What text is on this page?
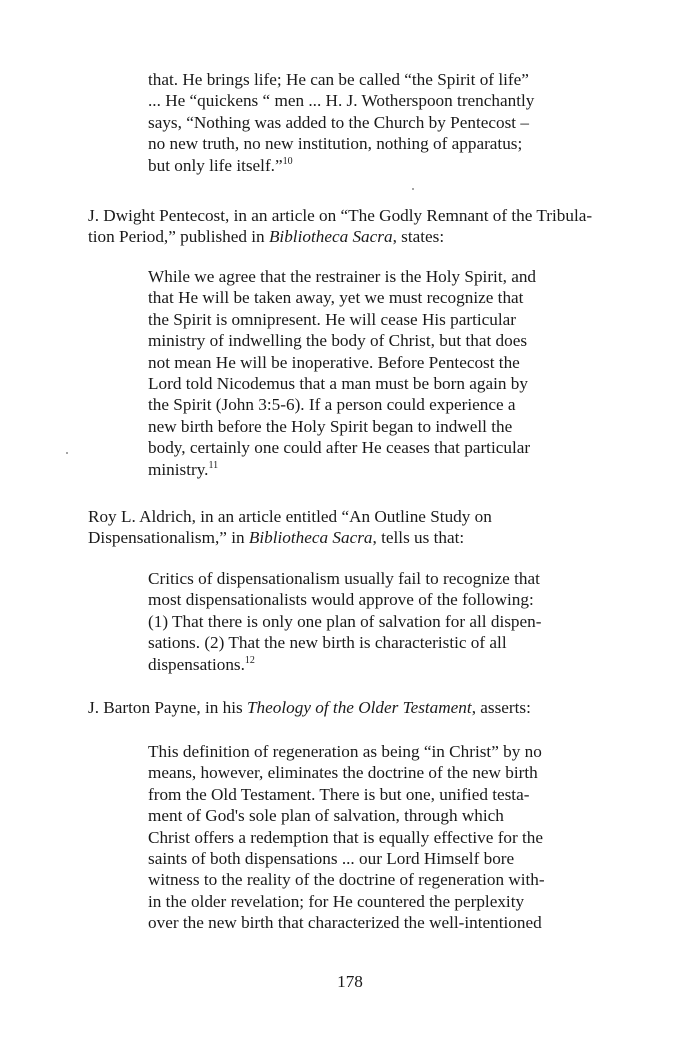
that. He brings life; He can be called “the Spirit of life”
... He “quickens “ men ... H. J. Wotherspoon trenchantly
says, “Nothing was added to the Church by Pentecost –
no new truth, no new institution, nothing of apparatus;
but only life itself.”$^{10}$
J. Dwight Pentecost, in an article on “The Godly Remnant of the Tribula-
tion Period,” published in Bibliotheca Sacra, states:
While we agree that the restrainer is the Holy Spirit, and
that He will be taken away, yet we must recognize that
the Spirit is omnipresent. He will cease His particular
ministry of indwelling the body of Christ, but that does
not mean He will be inoperative. Before Pentecost the
Lord told Nicodemus that a man must be born again by
the Spirit (John 3:5-6). If a person could experience a
new birth before the Holy Spirit began to indwell the
body, certainly one could after He ceases that particular
ministry.$^{11}$
Roy L. Aldrich, in an article entitled “An Outline Study on
Dispensationalism,” in Bibliotheca Sacra, tells us that:
Critics of dispensationalism usually fail to recognize that
most dispensationalists would approve of the following:
(1) That there is only one plan of salvation for all dispen-
sations. (2) That the new birth is characteristic of all
dispensations.$^{12}$
J. Barton Payne, in his Theology of the Older Testament, asserts:
This definition of regeneration as being “in Christ” by no
means, however, eliminates the doctrine of the new birth
from the Old Testament. There is but one, unified testa-
ment of God's sole plan of salvation, through which
Christ offers a redemption that is equally effective for the
saints of both dispensations ... our Lord Himself bore
witness to the reality of the doctrine of regeneration with-
in the older revelation; for He countered the perplexity
over the new birth that characterized the well-intentioned
178
